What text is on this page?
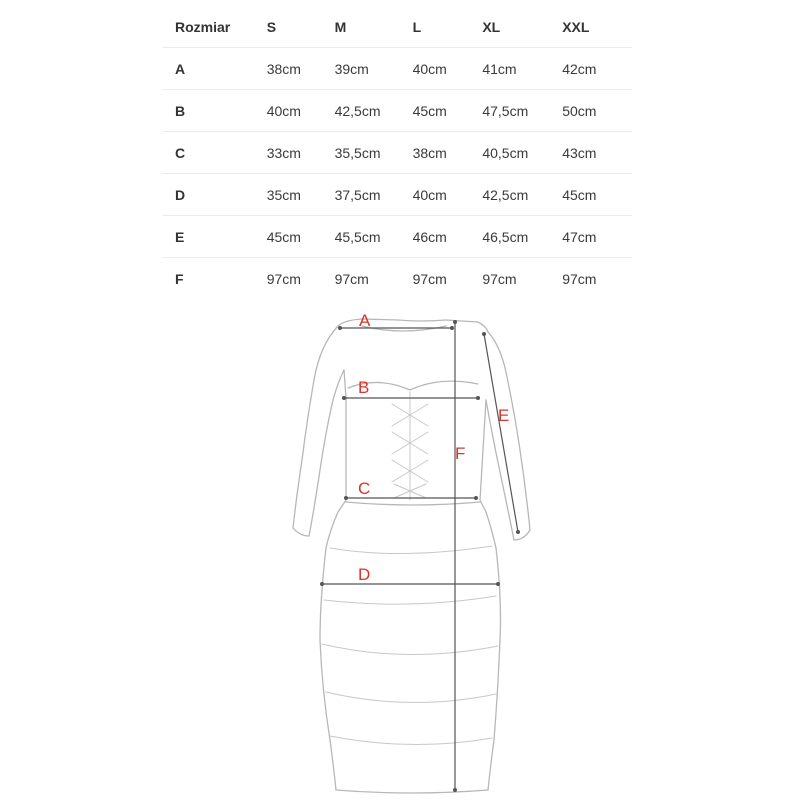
Rozmiar	S	M	L	XL	XXL
A	38cm	39cm	40cm	41cm	42cm
B	40cm	42,5cm	45cm	47,5cm	50cm
C	33cm	35,5cm	38cm	40,5cm	43cm
D	35cm	37,5cm	40cm	42,5cm	45cm
E	45cm	45,5cm	46cm	46,5cm	47cm
F	97cm	97cm	97cm	97cm	97cm
A
B
C
D
E
F
